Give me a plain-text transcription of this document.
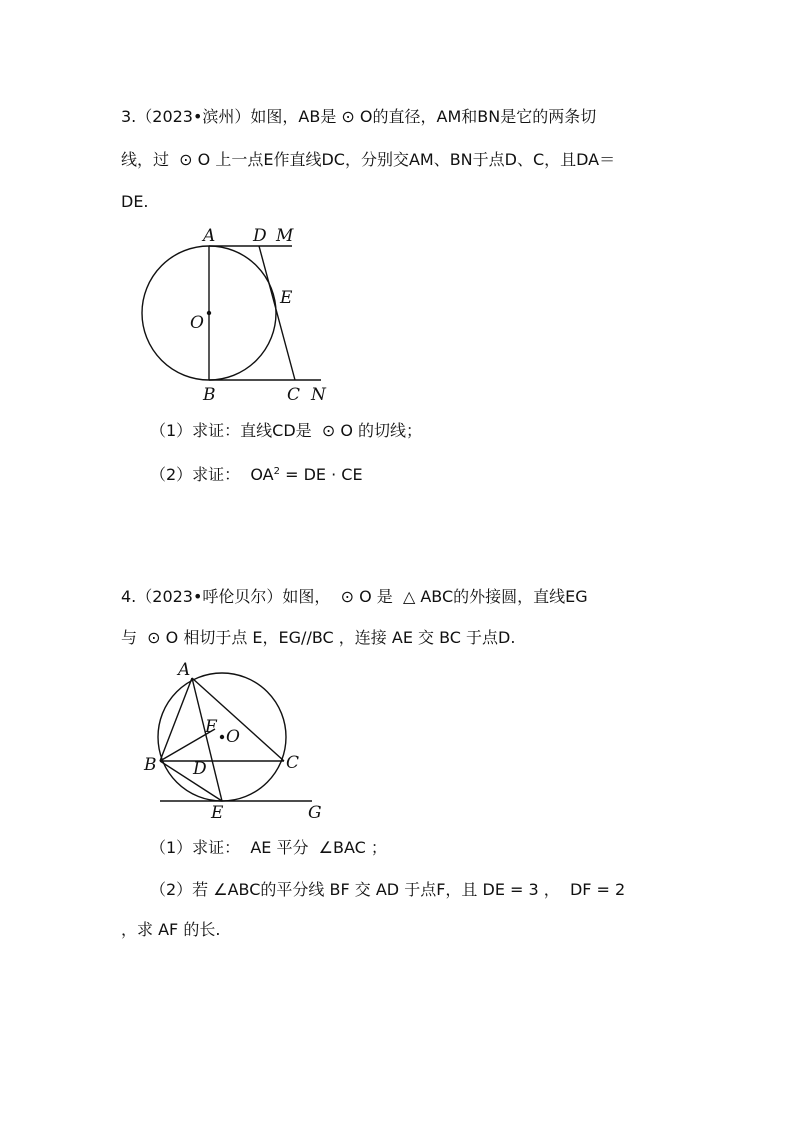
3.（2023•滨州）如图，AB是 ⊙ O的直径，AM和BN是它的两条切
线，过  ⊙ O 上一点E作直线DC，分别交AM、BN于点D、C，且DA＝
DE.
A D M
E
O
B	C N
（1）求证：直线CD是  ⊙ O 的切线；
（2）求证：  $OA^2$ = DE · CE
4.（2023•呼伦贝尔）如图，  ⊙ O 是  △ ABC的外接圆，直线EG
与  ⊙ O 相切于点 E，EG//BC ，连接 AE 交 BC 于点D.
A
F O
B D	C
E	G
（1）求证：  AE 平分  ∠BAC ；
（2）若 ∠ABC的平分线 BF 交 AD 于点F，且 DE = 3 ，  DF = 2
，求 AF 的长.
